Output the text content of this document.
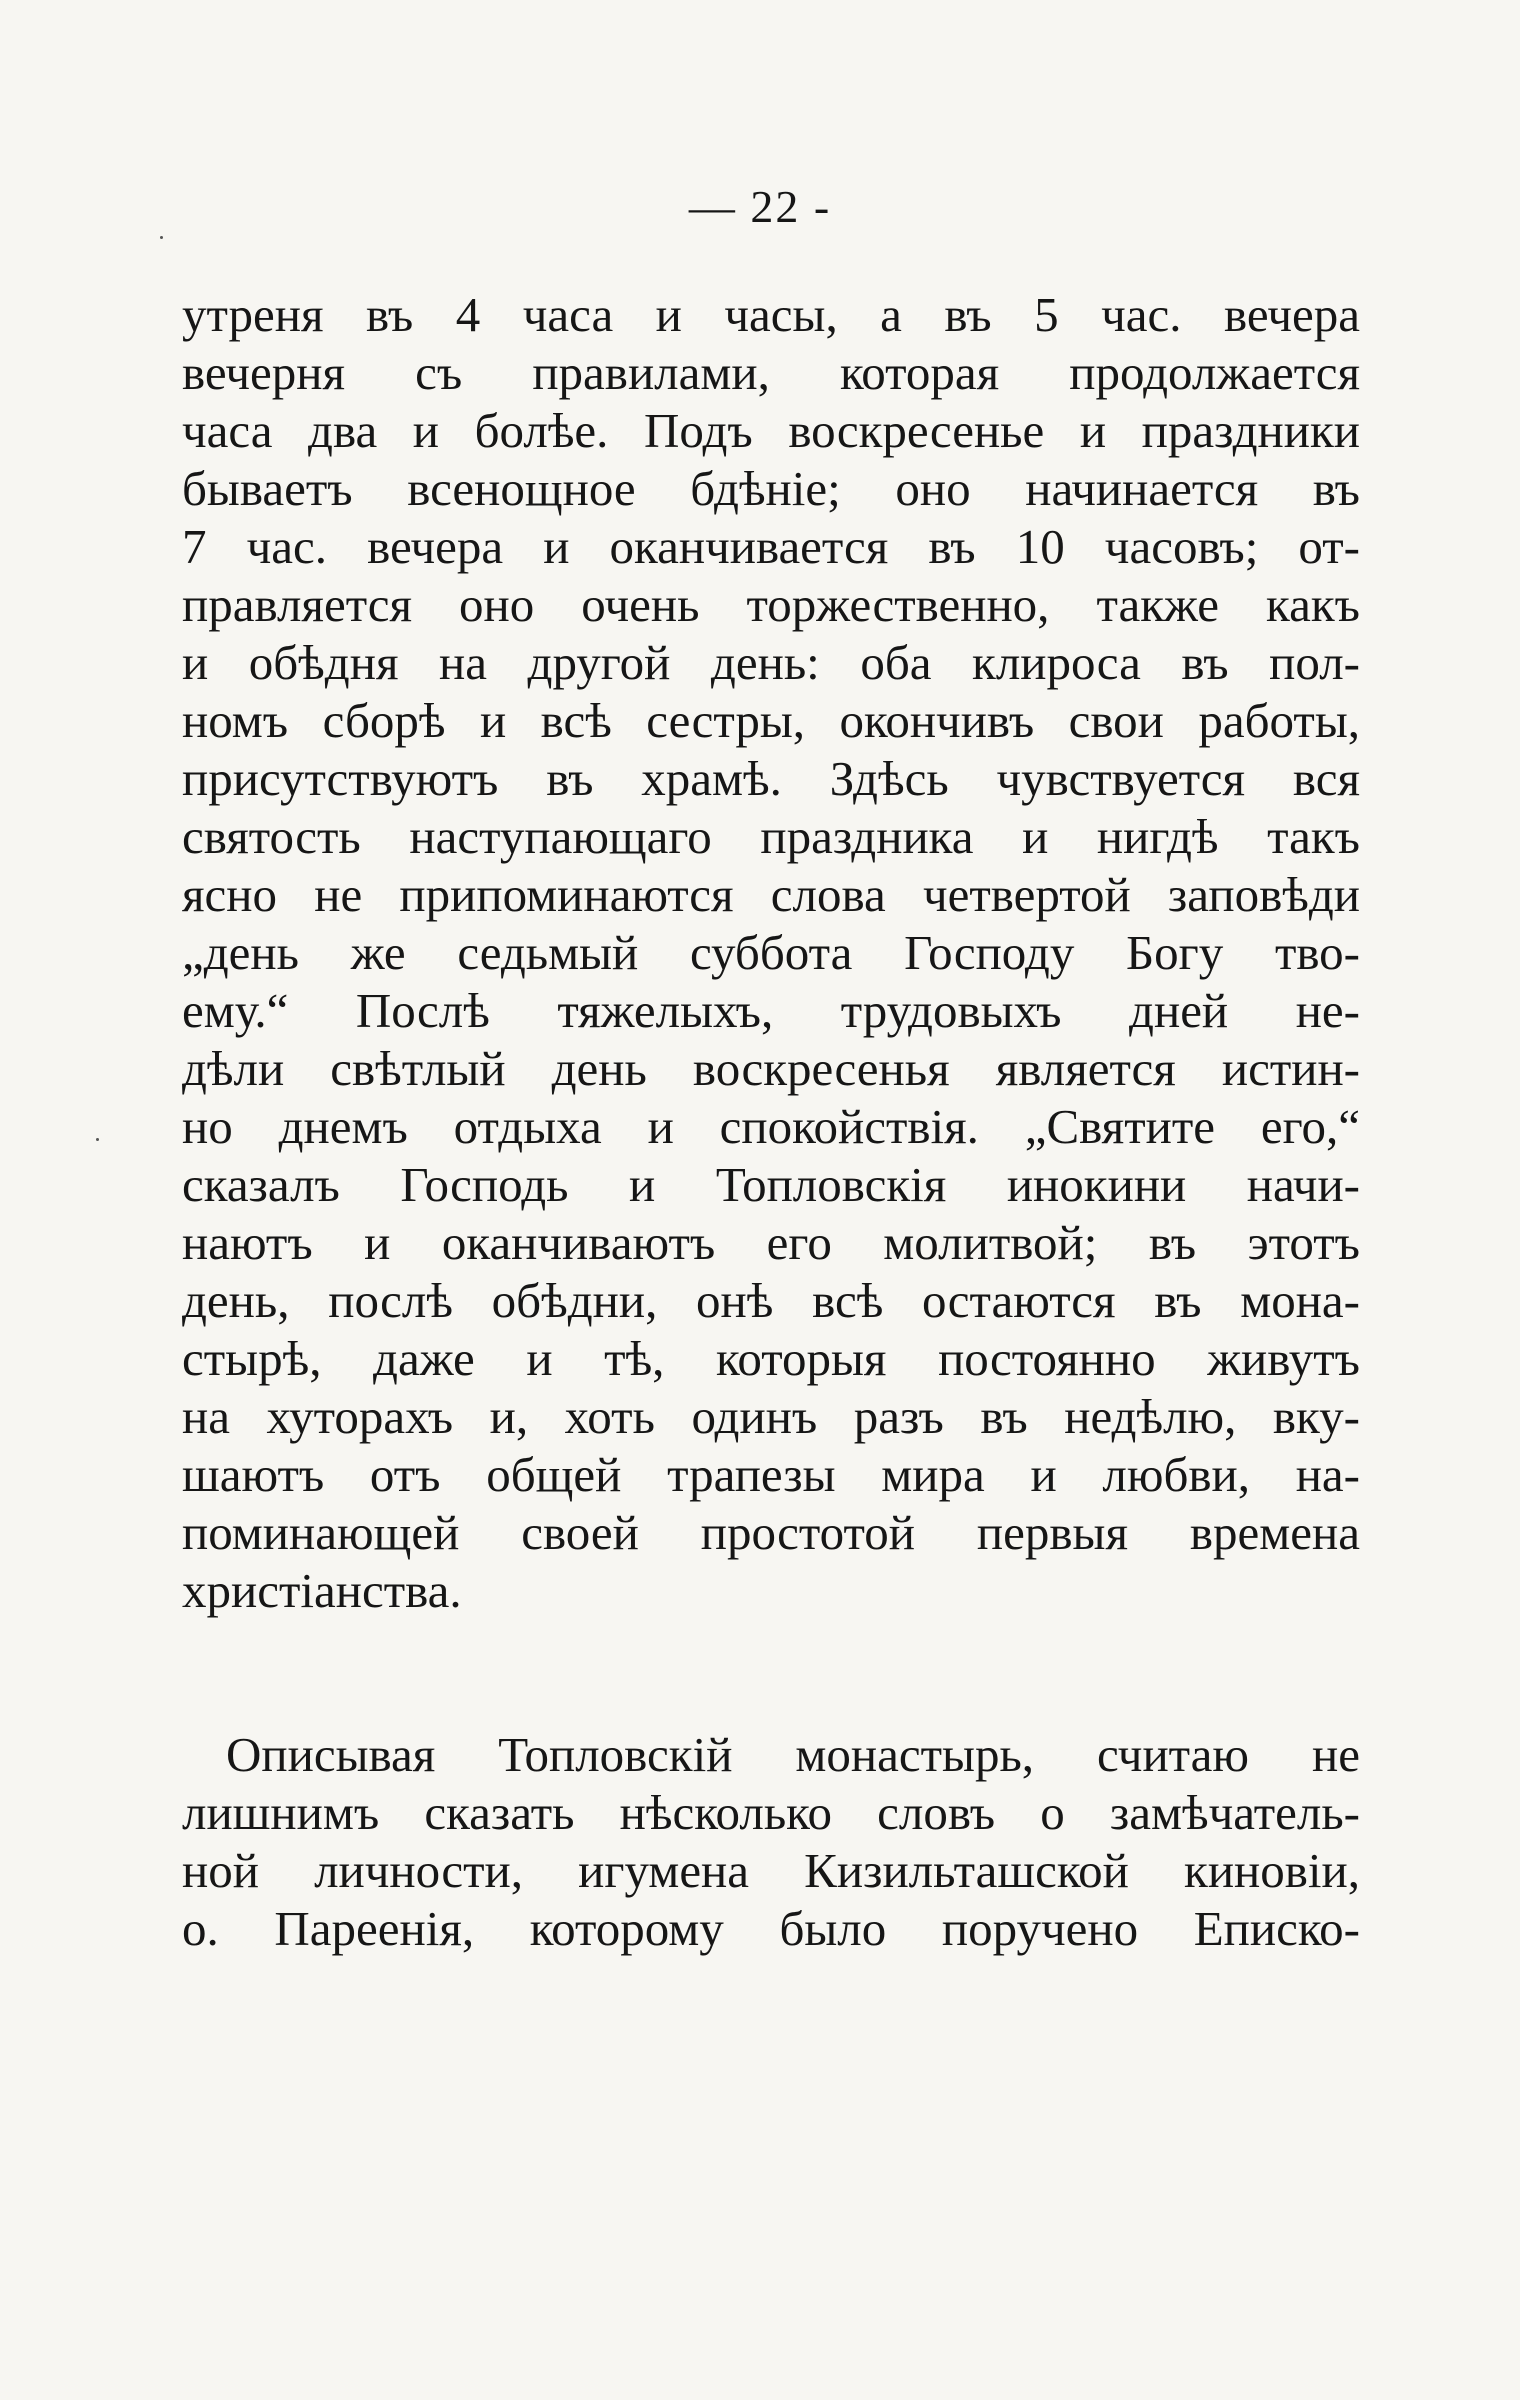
— 22 -
утреня въ 4 часа и часы, а въ 5 час. вечера
вечерня съ правилами, которая продолжается
часа два и болѣе. Подъ воскресенье и праздники
бываетъ всенощное бдѣніе; оно начинается въ
7 час. вечера и оканчивается въ 10 часовъ; от-
правляется оно очень торжественно, также какъ
и обѣдня на другой день: оба клироса въ пол-
номъ сборѣ и всѣ сестры, окончивъ свои работы,
присутствуютъ въ храмѣ. Здѣсь чувствуется вся
святость наступающаго праздника и нигдѣ такъ
ясно не припоминаются слова четвертой заповѣди
„день же седьмый суббота Господу Богу тво-
ему.“ Послѣ тяжелыхъ, трудовыхъ дней не-
дѣли свѣтлый день воскресенья является истин-
но днемъ отдыха и спокойствія. „Святите его,“
сказалъ Господь и Топловскія инокини начи-
наютъ и оканчиваютъ его молитвой; въ этотъ
день, послѣ обѣдни, онѣ всѣ остаются въ мона-
стырѣ, даже и тѣ, которыя постоянно живутъ
на хуторахъ и, хоть одинъ разъ въ недѣлю, вку-
шаютъ отъ общей трапезы мира и любви, на-
поминающей своей простотой первыя времена
христіанства.
Описывая Топловскій монастырь, считаю не
лишнимъ сказать нѣсколько словъ о замѣчатель-
ной личности, игумена Кизильташской киновіи,
о. Пареенія, которому было поручено Еписко-
